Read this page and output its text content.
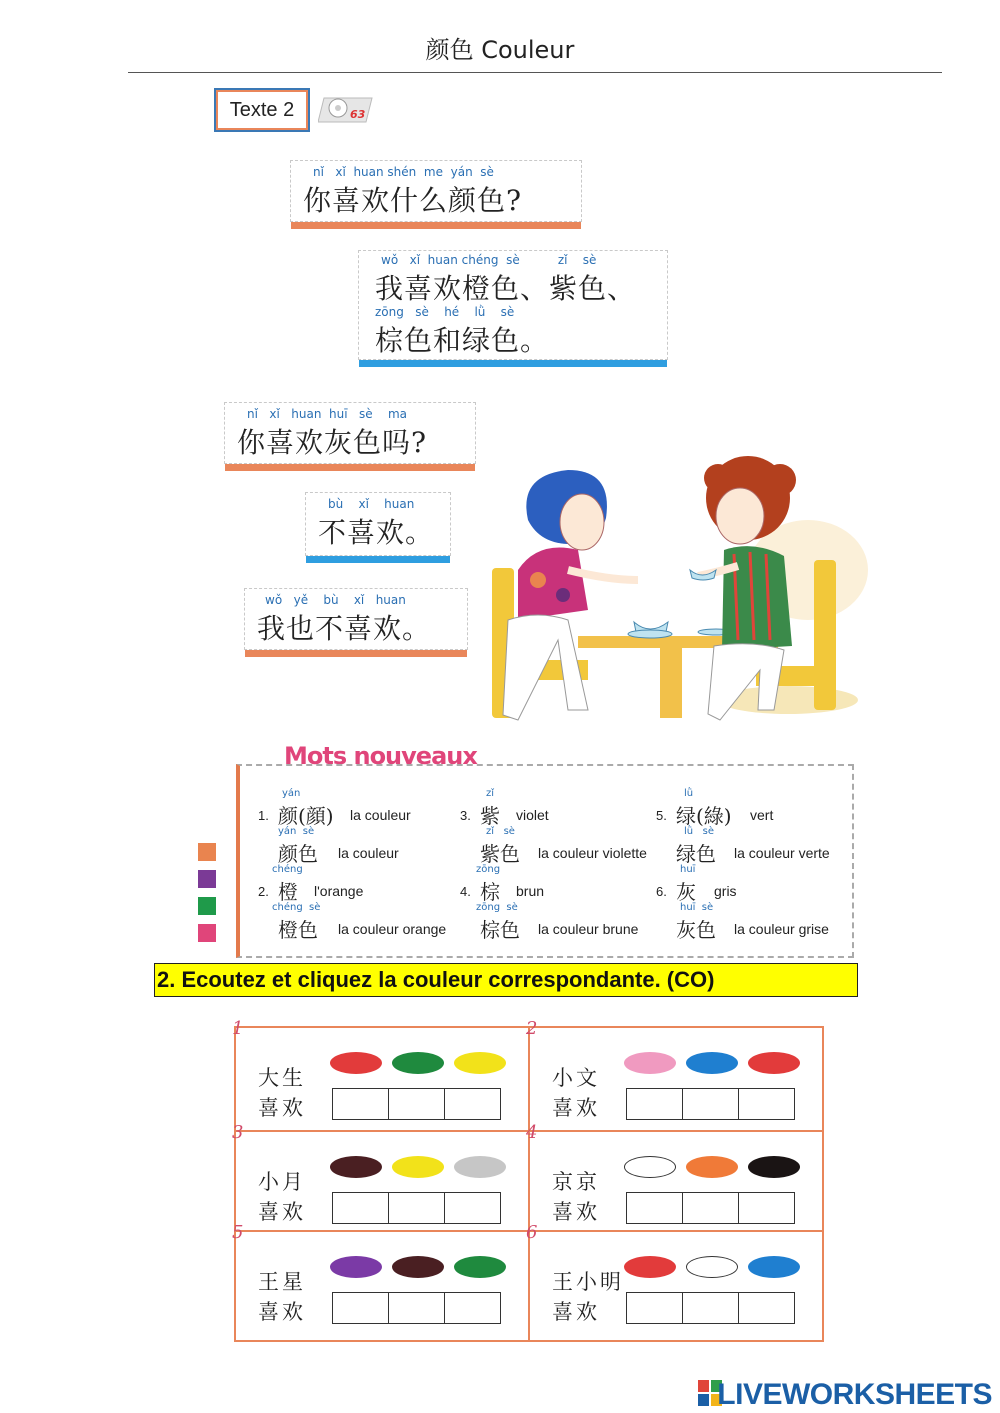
颜色 Couleur
Texte 2	63
nǐ   xǐ  huan shén  me  yán  sè
你喜欢什么颜色?
wǒ   xǐ  huan chéng  sè          zǐ    sè
我喜欢橙色、紫色、
zōng   sè    hé    lǜ    sè
棕色和绿色。
nǐ   xǐ   huan  huī   sè    ma
你喜欢灰色吗?
bù    xǐ    huan
不喜欢。
wǒ   yě    bù    xǐ   huan
我也不喜欢。
Mots nouveaux
yán
1. 颜(顔) la couleur
yán  sè
颜色 la couleur
chéng
2. 橙 l'orange
chéng  sè
橙色 la couleur orange
zǐ
3. 紫 violet
zǐ   sè
紫色 la couleur violette
zōng
4. 棕 brun
zōng  sè
棕色 la couleur brune
lǜ
5. 绿(綠) vert
lǜ   sè
绿色 la couleur verte
huī
6. 灰 gris
huī  sè
灰色 la couleur grise
2. Ecoutez et cliquez la couleur correspondante. (CO)
1
大生
喜欢
2
小文
喜欢
3
小月
喜欢
4
京京
喜欢
5
王星
喜欢
6
王小明
喜欢
LIVEWORKSHEETS
